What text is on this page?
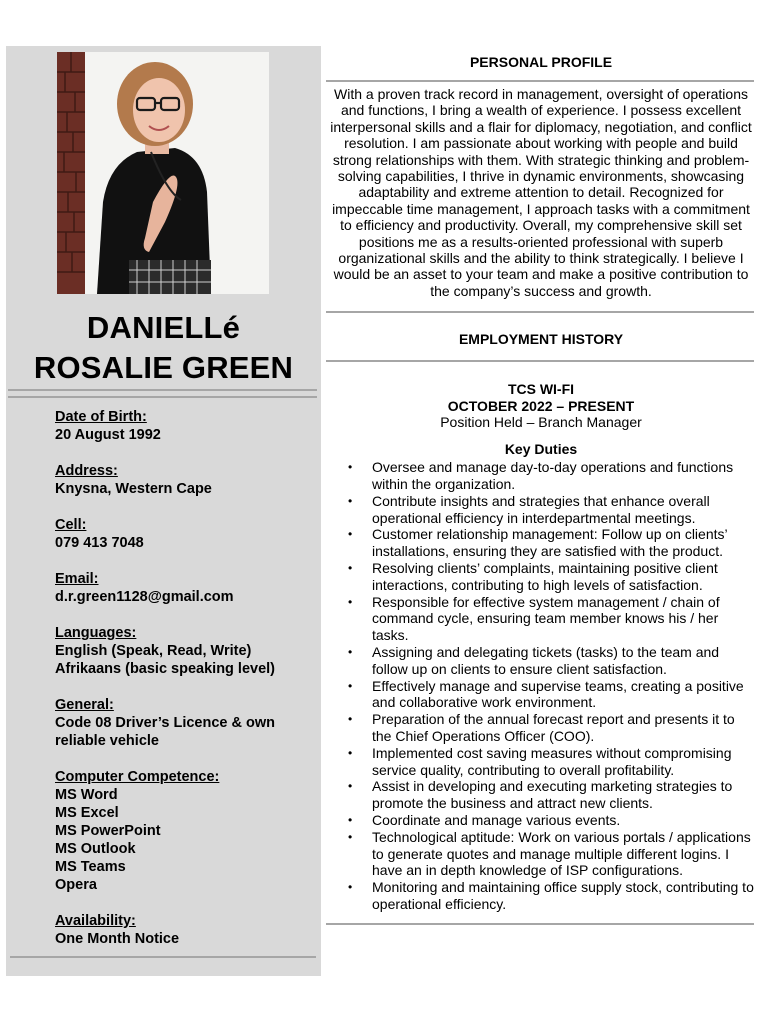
DANIELLé
ROSALIE GREEN
Date of Birth:
20 August 1992
Address:
Knysna, Western Cape
Cell:
079 413 7048
Email:
d.r.green1128@gmail.com
Languages:
English (Speak, Read, Write)
Afrikaans (basic speaking level)
General:
Code 08 Driver’s Licence & own reliable vehicle
Computer Competence:
MS Word
MS Excel
MS PowerPoint
MS Outlook
MS Teams
Opera
Availability:
One Month Notice
PERSONAL PROFILE
With a proven track record in management, oversight of operations and functions, I bring a wealth of experience. I possess excellent interpersonal skills and a flair for diplomacy, negotiation, and conflict resolution. I am passionate about working with people and build strong relationships with them. With strategic thinking and problem-solving capabilities, I thrive in dynamic environments, showcasing adaptability and extreme attention to detail. Recognized for impeccable time management, I approach tasks with a commitment to efficiency and productivity. Overall, my comprehensive skill set positions me as a results-oriented professional with superb organizational skills and the ability to think strategically. I believe I would be an asset to your team and make a positive contribution to the company’s success and growth.
EMPLOYMENT HISTORY
TCS WI-FI
OCTOBER 2022 – PRESENT
Position Held – Branch Manager
Key Duties
• Oversee and manage day-to-day operations and functions within the organization.
• Contribute insights and strategies that enhance overall operational efficiency in interdepartmental meetings.
• Customer relationship management: Follow up on clients’ installations, ensuring they are satisfied with the product.
• Resolving clients’ complaints, maintaining positive client interactions, contributing to high levels of satisfaction.
• Responsible for effective system management / chain of command cycle, ensuring team member knows his / her tasks.
• Assigning and delegating tickets (tasks) to the team and follow up on clients to ensure client satisfaction.
• Effectively manage and supervise teams, creating a positive and collaborative work environment.
• Preparation of the annual forecast report and presents it to the Chief Operations Officer (COO).
• Implemented cost saving measures without compromising service quality, contributing to overall profitability.
• Assist in developing and executing marketing strategies to promote the business and attract new clients.
• Coordinate and manage various events.
• Technological aptitude: Work on various portals / applications to generate quotes and manage multiple different logins. I have an in depth knowledge of ISP configurations.
• Monitoring and maintaining office supply stock, contributing to operational efficiency.
